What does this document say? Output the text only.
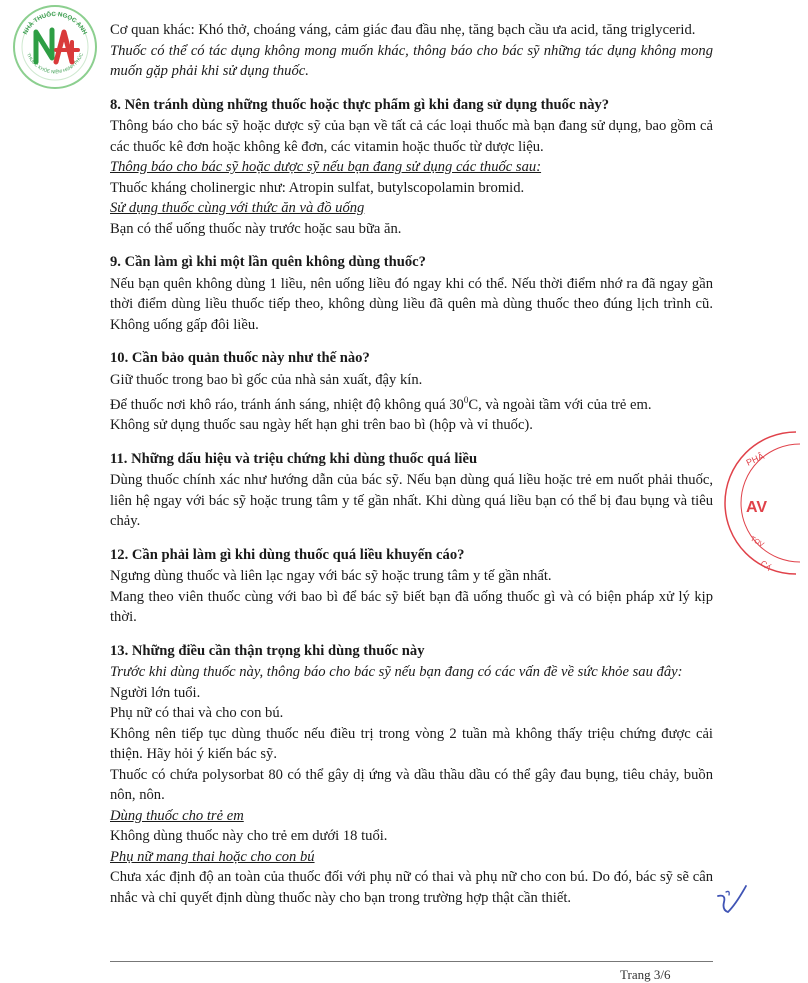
NHÀ THUỐC NGỌC ANH
THUỐC KHỎE NIỀM HẠNH PHÚC
PHÂ
AV
TOV
CÁ

Cơ quan khác: Khó thở, choáng váng, cảm giác đau đầu nhẹ, tăng bạch cầu ưa acid, tăng triglycerid.

Thuốc có thể có tác dụng không mong muốn khác, thông báo cho bác sỹ những tác dụng không mong muốn gặp phải khi sử dụng thuốc.

8. Nên tránh dùng những thuốc hoặc thực phẩm gì khi đang sử dụng thuốc này?

Thông báo cho bác sỹ hoặc dược sỹ của bạn về tất cả các loại thuốc mà bạn đang sử dụng, bao gồm cả các thuốc kê đơn hoặc không kê đơn, các vitamin hoặc thuốc từ dược liệu.

Thông báo cho bác sỹ hoặc dược sỹ nếu bạn đang sử dụng các thuốc sau:

Thuốc kháng cholinergic như: Atropin sulfat, butylscopolamin bromid.

Sử dụng thuốc cùng với thức ăn và đồ uống

Bạn có thể uống thuốc này trước hoặc sau bữa ăn.

9. Cần làm gì khi một lần quên không dùng thuốc?

Nếu bạn quên không dùng 1 liều, nên uống liều đó ngay khi có thể. Nếu thời điểm nhớ ra đã ngay gần thời điểm dùng liều thuốc tiếp theo, không dùng liều đã quên mà dùng thuốc theo đúng lịch trình cũ. Không uống gấp đôi liều.

10. Cần bảo quản thuốc này như thế nào?

Giữ thuốc trong bao bì gốc của nhà sản xuất, đậy kín.

Để thuốc nơi khô ráo, tránh ánh sáng, nhiệt độ không quá $30^0C$, và ngoài tầm với của trẻ em.

Không sử dụng thuốc sau ngày hết hạn ghi trên bao bì (hộp và vỉ thuốc).

11. Những dấu hiệu và triệu chứng khi dùng thuốc quá liều

Dùng thuốc chính xác như hướng dẫn của bác sỹ. Nếu bạn dùng quá liều hoặc trẻ em nuốt phải thuốc, liên hệ ngay với bác sỹ hoặc trung tâm y tế gần nhất. Khi dùng quá liều bạn có thể bị đau bụng và tiêu chảy.

12. Cần phải làm gì khi dùng thuốc quá liều khuyến cáo?

Ngưng dùng thuốc và liên lạc ngay với bác sỹ hoặc trung tâm y tế gần nhất.

Mang theo viên thuốc cùng với bao bì để bác sỹ biết bạn đã uống thuốc gì và có biện pháp xử lý kịp thời.

13. Những điều cần thận trọng khi dùng thuốc này

Trước khi dùng thuốc này, thông báo cho bác sỹ nếu bạn đang có các vấn đề về sức khỏe sau đây:

Người lớn tuổi.

Phụ nữ có thai và cho con bú.

Không nên tiếp tục dùng thuốc nếu điều trị trong vòng 2 tuần mà không thấy triệu chứng được cải thiện. Hãy hỏi ý kiến bác sỹ.

Thuốc có chứa polysorbat 80 có thể gây dị ứng và dầu thầu dầu có thể gây đau bụng, tiêu chảy, buồn nôn, nôn.

Dùng thuốc cho trẻ em

Không dùng thuốc này cho trẻ em dưới 18 tuổi.

Phụ nữ mang thai hoặc cho con bú

Chưa xác định độ an toàn của thuốc đối với phụ nữ có thai và phụ nữ cho con bú. Do đó, bác sỹ sẽ cân nhắc và chỉ quyết định dùng thuốc này cho bạn trong trường hợp thật cần thiết.

Trang 3/6
